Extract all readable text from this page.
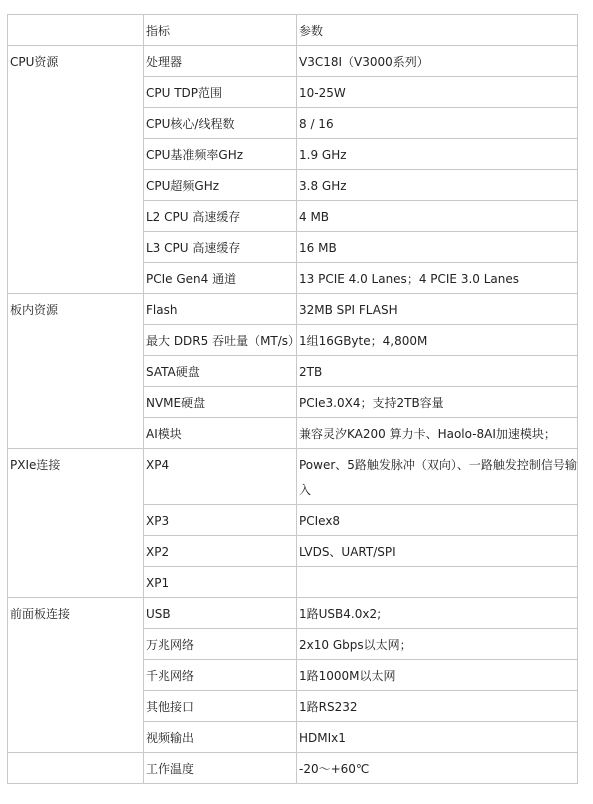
	指标	参数

CPU资源	处理器	V3C18I（V3000系列）

	CPU TDP范围	10-25W

	CPU核心/线程数	8 / 16

	CPU基准频率GHz	1.9 GHz

	CPU超频GHz	3.8 GHz

	L2 CPU 高速缓存	4 MB

	L3 CPU 高速缓存	16 MB

	PCIe Gen4 通道	13 PCIE 4.0 Lanes；4 PCIE 3.0 Lanes

板内资源	Flash	32MB SPI FLASH

	最大 DDR5 吞吐量（MT/s）	1组16GByte；4,800M

	SATA硬盘	2TB

	NVME硬盘	PCIe3.0X4；支持2TB容量

	AI模块	兼容灵汐KA200 算力卡、Haolo-8AI加速模块；

PXIe连接	XP4	Power、5路触发脉冲（双向）、一路触发控制信号输入

	XP3	PCIex8

	XP2	LVDS、UART/SPI

	XP1	

前面板连接	USB	1路USB4.0x2;

	万兆网络	2x10 Gbps以太网；

	千兆网络	1路1000M以太网

	其他接口	1路RS232

	视频输出	HDMIx1

	工作温度	-20～+60℃
